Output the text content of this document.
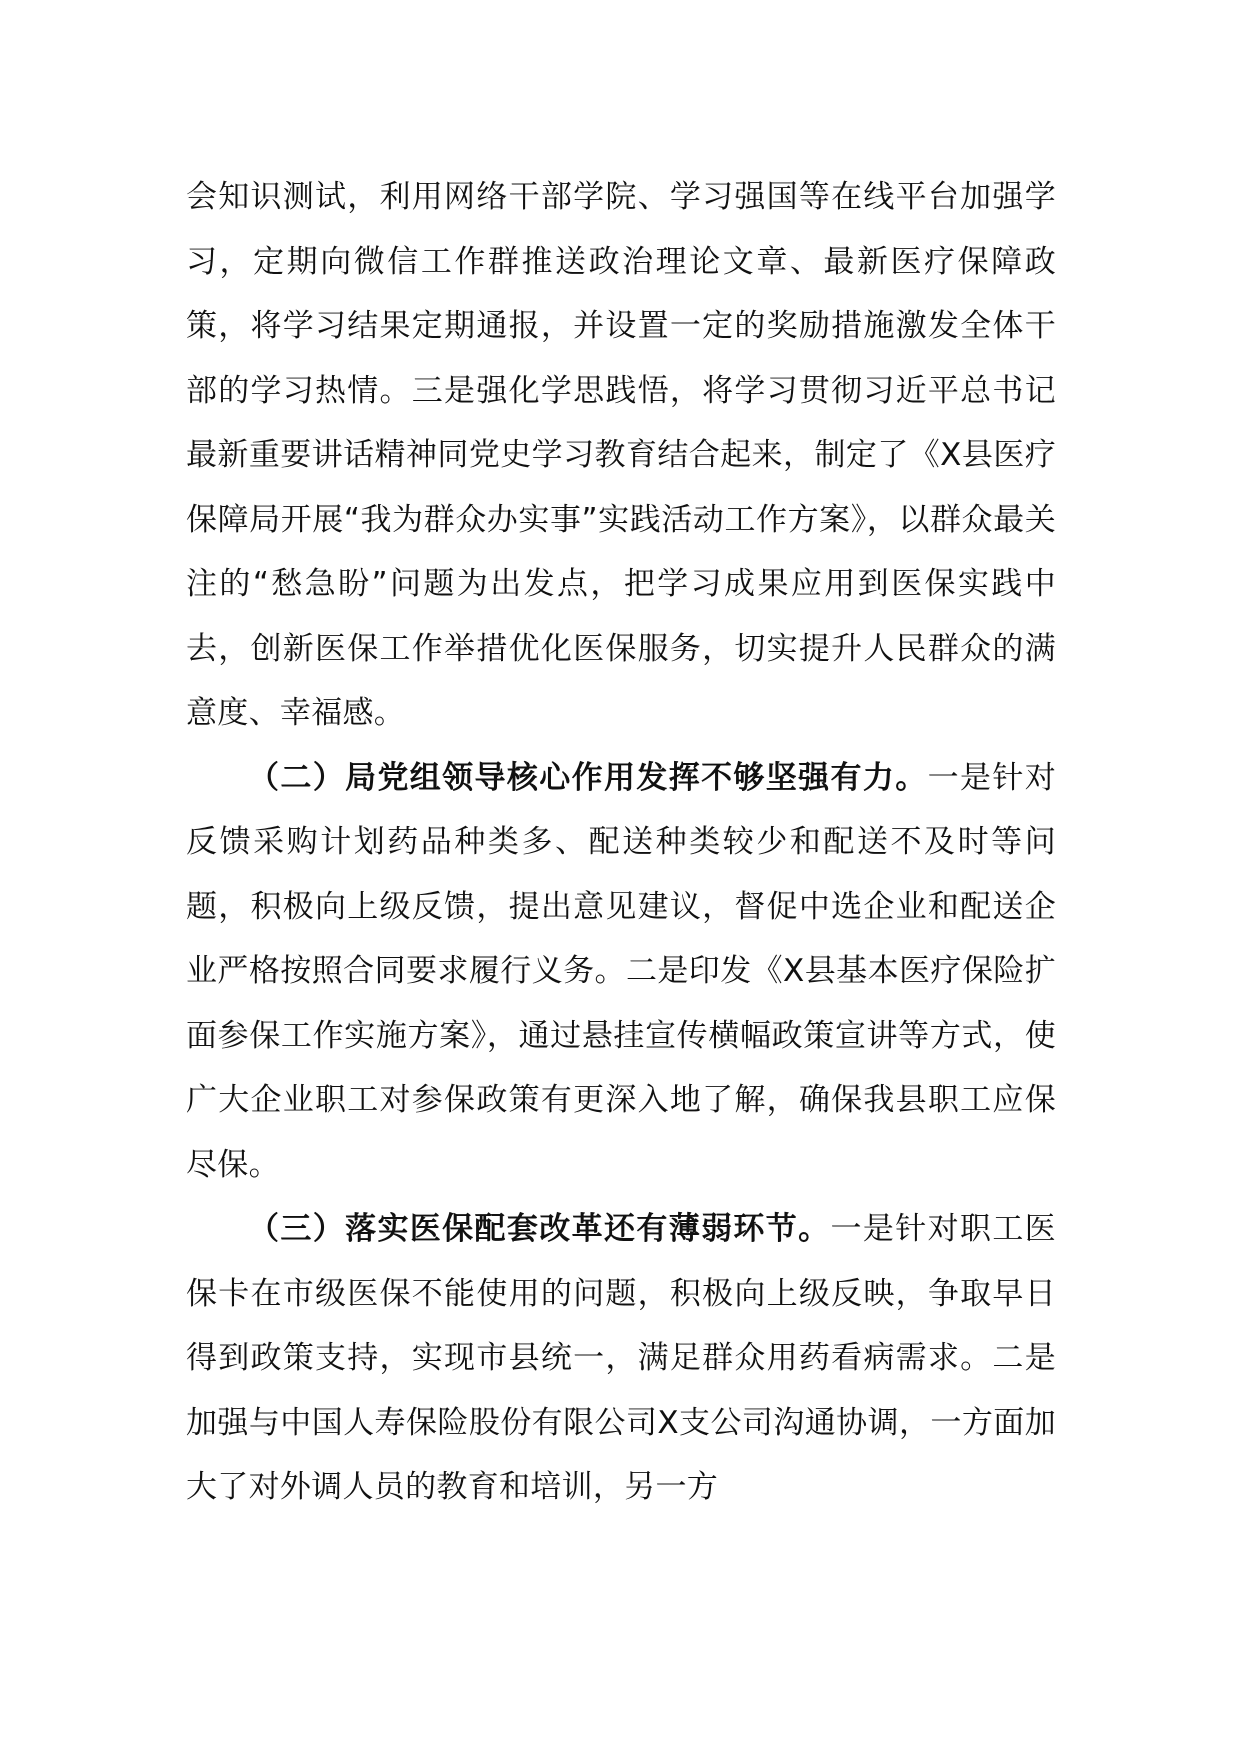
会知识测试，利用网络干部学院、学习强国等在线平台加强学习，定期向微信工作群推送政治理论文章、最新医疗保障政策，将学习结果定期通报，并设置一定的奖励措施激发全体干部的学习热情。三是强化学思践悟，将学习贯彻习近平总书记最新重要讲话精神同党史学习教育结合起来，制定了《X县医疗保障局开展“我为群众办实事”实践活动工作方案》，以群众最关注的“愁急盼”问题为出发点，把学习成果应用到医保实践中去，创新医保工作举措优化医保服务，切实提升人民群众的满意度、幸福感。

（二）局党组领导核心作用发挥不够坚强有力。一是针对反馈采购计划药品种类多、配送种类较少和配送不及时等问题，积极向上级反馈，提出意见建议，督促中选企业和配送企业严格按照合同要求履行义务。二是印发《X县基本医疗保险扩面参保工作实施方案》，通过悬挂宣传横幅政策宣讲等方式，使广大企业职工对参保政策有更深入地了解，确保我县职工应保尽保。

（三）落实医保配套改革还有薄弱环节。一是针对职工医保卡在市级医保不能使用的问题，积极向上级反映，争取早日得到政策支持，实现市县统一，满足群众用药看病需求。二是加强与中国人寿保险股份有限公司X支公司沟通协调，一方面加大了对外调人员的教育和培训，另一方
